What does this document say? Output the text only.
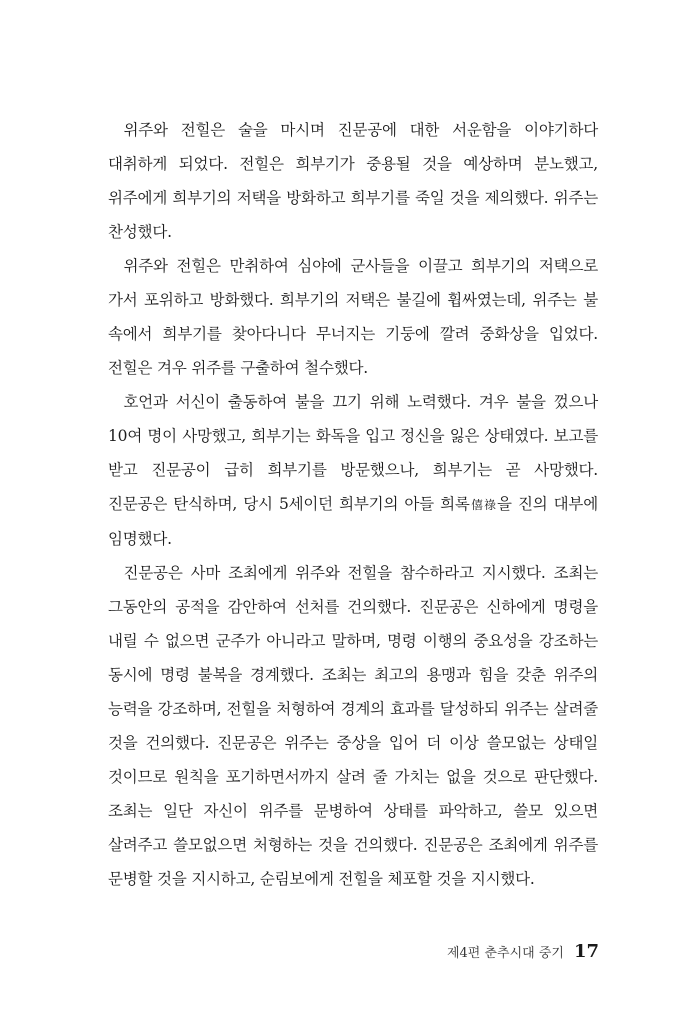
위주와 전힐은 술을 마시며 진문공에 대한 서운함을 이야기하다 대취하게 되었다. 전힐은 희부기가 중용될 것을 예상하며 분노했고, 위주에게 희부기의 저택을 방화하고 희부기를 죽일 것을 제의했다. 위주는 찬성했다.

위주와 전힐은 만취하여 심야에 군사들을 이끌고 희부기의 저택으로 가서 포위하고 방화했다. 희부기의 저택은 불길에 휩싸였는데, 위주는 불 속에서 희부기를 찾아다니다 무너지는 기둥에 깔려 중화상을 입었다. 전힐은 겨우 위주를 구출하여 철수했다.

호언과 서신이 출동하여 불을 끄기 위해 노력했다. 겨우 불을 껐으나 10여 명이 사망했고, 희부기는 화독을 입고 정신을 잃은 상태였다. 보고를 받고 진문공이 급히 희부기를 방문했으나, 희부기는 곧 사망했다. 진문공은 탄식하며, 당시 5세이던 희부기의 아들 희록僖祿을 진의 대부에 임명했다.

진문공은 사마 조최에게 위주와 전힐을 참수하라고 지시했다. 조최는 그동안의 공적을 감안하여 선처를 건의했다. 진문공은 신하에게 명령을 내릴 수 없으면 군주가 아니라고 말하며, 명령 이행의 중요성을 강조하는 동시에 명령 불복을 경계했다. 조최는 최고의 용맹과 힘을 갖춘 위주의 능력을 강조하며, 전힐을 처형하여 경계의 효과를 달성하되 위주는 살려줄 것을 건의했다. 진문공은 위주는 중상을 입어 더 이상 쓸모없는 상태일 것이므로 원칙을 포기하면서까지 살려 줄 가치는 없을 것으로 판단했다. 조최는 일단 자신이 위주를 문병하여 상태를 파악하고, 쓸모 있으면 살려주고 쓸모없으면 처형하는 것을 건의했다. 진문공은 조최에게 위주를 문병할 것을 지시하고, 순림보에게 전힐을 체포할 것을 지시했다.

제4편 춘추시대 중기 17
